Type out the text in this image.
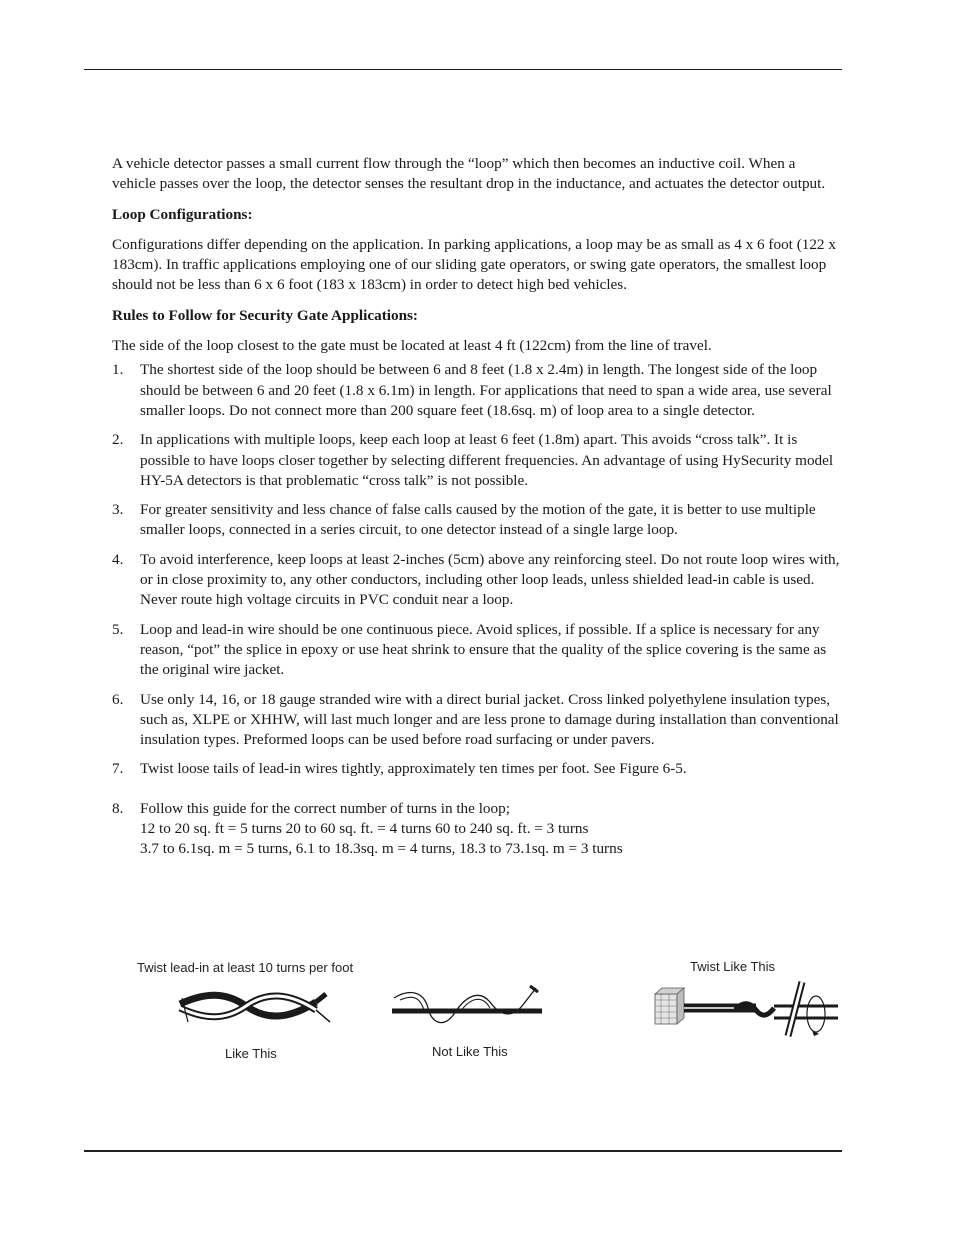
A vehicle detector passes a small current flow through the “loop” which then becomes an inductive coil. When a vehicle passes over the loop, the detector senses the resultant drop in the inductance, and actuates the detector output.

Loop Configurations:

Configurations differ depending on the application. In parking applications, a loop may be as small as 4 x 6 foot (122 x 183cm). In traffic applications employing one of our sliding gate operators, or swing gate operators, the smallest loop should not be less than 6 x 6 foot (183 x 183cm) in order to detect high bed vehicles.

Rules to Follow for Security Gate Applications:

The side of the loop closest to the gate must be located at least 4 ft (122cm) from the line of travel.

1. The shortest side of the loop should be between 6 and 8 feet (1.8 x 2.4m) in length. The longest side of the loop should be between 6 and 20 feet (1.8 x 6.1m) in length. For applications that need to span a wide area, use several smaller loops. Do not connect more than 200 square feet (18.6sq. m) of loop area to a single detector.
2. In applications with multiple loops, keep each loop at least 6 feet (1.8m) apart. This avoids “cross talk”. It is possible to have loops closer together by selecting different frequencies. An advantage of using HySecurity model HY-5A detectors is that problematic “cross talk” is not possible.
3. For greater sensitivity and less chance of false calls caused by the motion of the gate, it is better to use multiple smaller loops, connected in a series circuit, to one detector instead of a single large loop.
4. To avoid interference, keep loops at least 2-inches (5cm) above any reinforcing steel. Do not route loop wires with, or in close proximity to, any other conductors, including other loop leads, unless shielded lead-in cable is used. Never route high voltage circuits in PVC conduit near a loop.
5. Loop and lead-in wire should be one continuous piece. Avoid splices, if possible. If a splice is necessary for any reason, “pot” the splice in epoxy or use heat shrink to ensure that the quality of the splice covering is the same as the original wire jacket.
6. Use only 14, 16, or 18 gauge stranded wire with a direct burial jacket. Cross linked polyethylene insulation types, such as, XLPE or XHHW, will last much longer and are less prone to damage during installation than conventional insulation types. Preformed loops can be used before road surfacing or under pavers.
7. Twist loose tails of lead-in wires tightly, approximately ten times per foot. See Figure 6-5.
8. Follow this guide for the correct number of turns in the loop;
12 to 20 sq. ft = 5 turns 20 to 60 sq. ft. = 4 turns 60 to 240 sq. ft. = 3 turns
3.7 to 6.1sq. m = 5 turns, 6.1 to 18.3sq. m = 4 turns, 18.3 to 73.1sq. m = 3 turns
Twist lead-in at least 10 turns per foot
Like This	Not Like This
Twist Like This
